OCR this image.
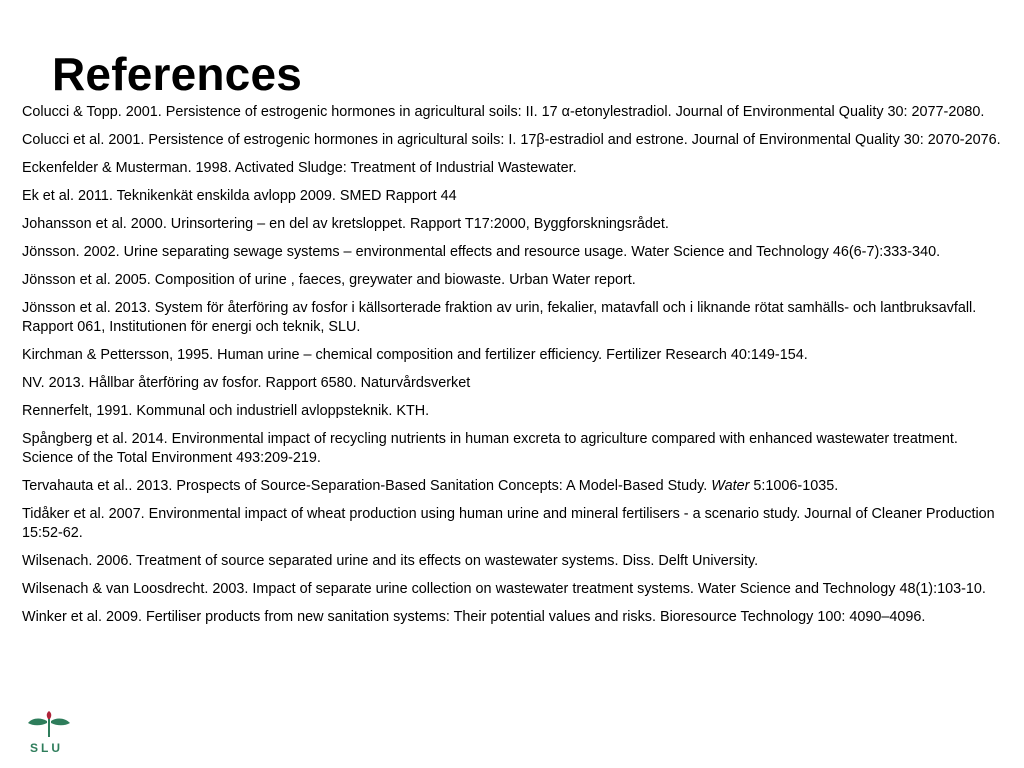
References

Colucci & Topp. 2001. Persistence of estrogenic hormones in agricultural soils: II. 17 α-etonylestradiol. Journal of Environmental Quality 30: 2077-2080.

Colucci et al. 2001. Persistence of estrogenic hormones in agricultural soils: I. 17β-estradiol and estrone. Journal of Environmental Quality 30: 2070-2076.

Eckenfelder & Musterman. 1998. Activated Sludge: Treatment of Industrial Wastewater.

Ek et al. 2011. Teknikenkät enskilda avlopp 2009. SMED Rapport 44

Johansson et al. 2000. Urinsortering – en del av kretsloppet. Rapport T17:2000, Byggforskningsrådet.

Jönsson. 2002. Urine separating sewage systems – environmental effects and resource usage. Water Science and Technology 46(6-7):333-340.

Jönsson et al. 2005. Composition of urine , faeces, greywater and biowaste. Urban Water report.

Jönsson et al. 2013. System för återföring av fosfor i källsorterade fraktion av urin, fekalier, matavfall och i liknande rötat samhälls- och lantbruksavfall. Rapport 061, Institutionen för energi och teknik, SLU.

Kirchman & Pettersson, 1995. Human urine – chemical composition and fertilizer efficiency. Fertilizer Research 40:149-154.

NV. 2013. Hållbar återföring av fosfor. Rapport 6580. Naturvårdsverket

Rennerfelt, 1991. Kommunal och industriell avloppsteknik. KTH.

Spångberg et al. 2014. Environmental impact of recycling nutrients in human excreta to agriculture compared with enhanced wastewater treatment. Science of the Total Environment 493:209-219.

Tervahauta et al.. 2013. Prospects of Source-Separation-Based Sanitation Concepts: A Model-Based Study. Water 5:1006-1035.

Tidåker et al. 2007. Environmental impact of wheat production using human urine and mineral fertilisers - a scenario study. Journal of Cleaner Production 15:52-62.

Wilsenach. 2006. Treatment of source separated urine and its effects on wastewater systems. Diss. Delft University.

Wilsenach & van Loosdrecht. 2003. Impact of separate urine collection on wastewater treatment systems. Water Science and Technology 48(1):103-10.

Winker et al. 2009. Fertiliser products from new sanitation systems: Their potential values and risks. Bioresource Technology 100: 4090–4096.

SLU
